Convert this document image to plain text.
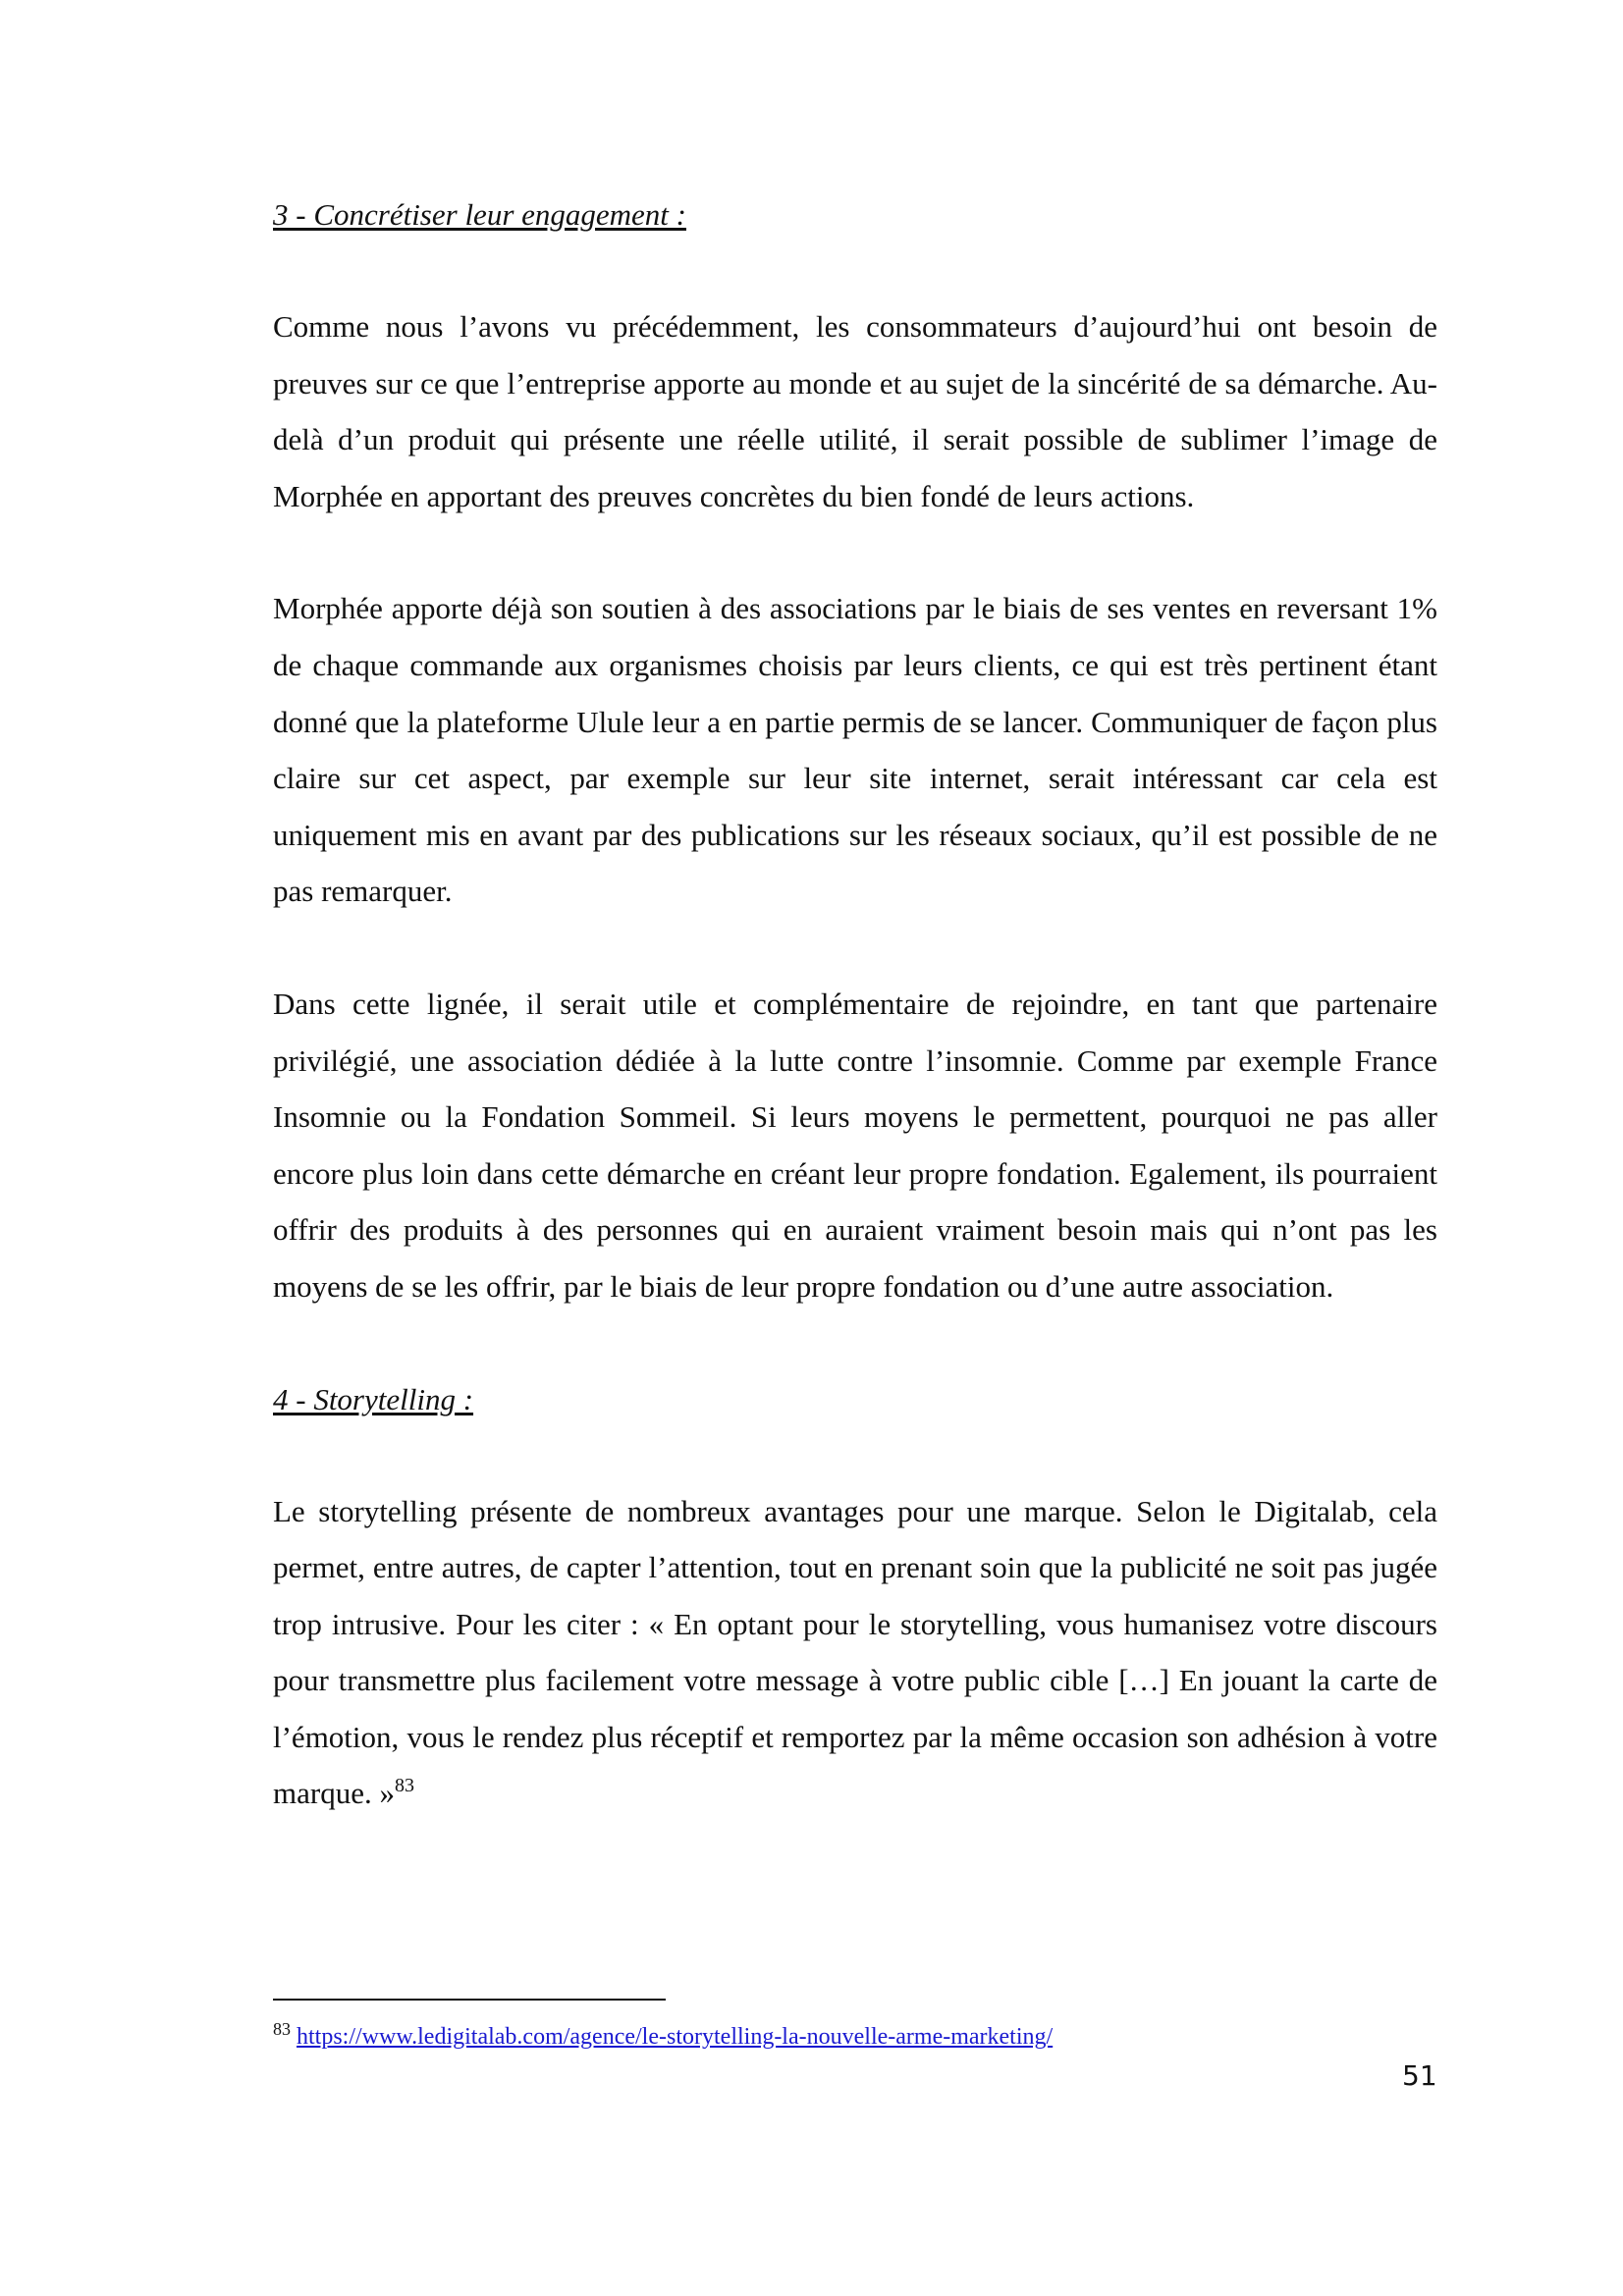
3 - Concrétiser leur engagement :

Comme nous l’avons vu précédemment, les consommateurs d’aujourd’hui ont besoin de preuves sur ce que l’entreprise apporte au monde et au sujet de la sincérité de sa démarche. Au-delà d’un produit qui présente une réelle utilité, il serait possible de sublimer l’image de Morphée en apportant des preuves concrètes du bien fondé de leurs actions.

Morphée apporte déjà son soutien à des associations par le biais de ses ventes en reversant 1% de chaque commande aux organismes choisis par leurs clients, ce qui est très pertinent étant donné que la plateforme Ulule leur a en partie permis de se lancer. Communiquer de façon plus claire sur cet aspect, par exemple sur leur site internet, serait intéressant car cela est uniquement mis en avant par des publications sur les réseaux sociaux, qu’il est possible de ne pas remarquer.

Dans cette lignée, il serait utile et complémentaire de rejoindre, en tant que partenaire privilégié, une association dédiée à la lutte contre l’insomnie. Comme par exemple France Insomnie ou la Fondation Sommeil. Si leurs moyens le permettent, pourquoi ne pas aller encore plus loin dans cette démarche en créant leur propre fondation. Egalement, ils pourraient offrir des produits à des personnes qui en auraient vraiment besoin mais qui n’ont pas les moyens de se les offrir, par le biais de leur propre fondation ou d’une autre association.

4 - Storytelling :

Le storytelling présente de nombreux avantages pour une marque. Selon le Digitalab, cela permet, entre autres, de capter l’attention, tout en prenant soin que la publicité ne soit pas jugée trop intrusive. Pour les citer : « En optant pour le storytelling, vous humanisez votre discours pour transmettre plus facilement votre message à votre public cible […] En jouant la carte de l’émotion, vous le rendez plus réceptif et remportez par la même occasion son adhésion à votre marque. »$^{83}$

$^{83}$ https://www.ledigitalab.com/agence/le-storytelling-la-nouvelle-arme-marketing/
51
